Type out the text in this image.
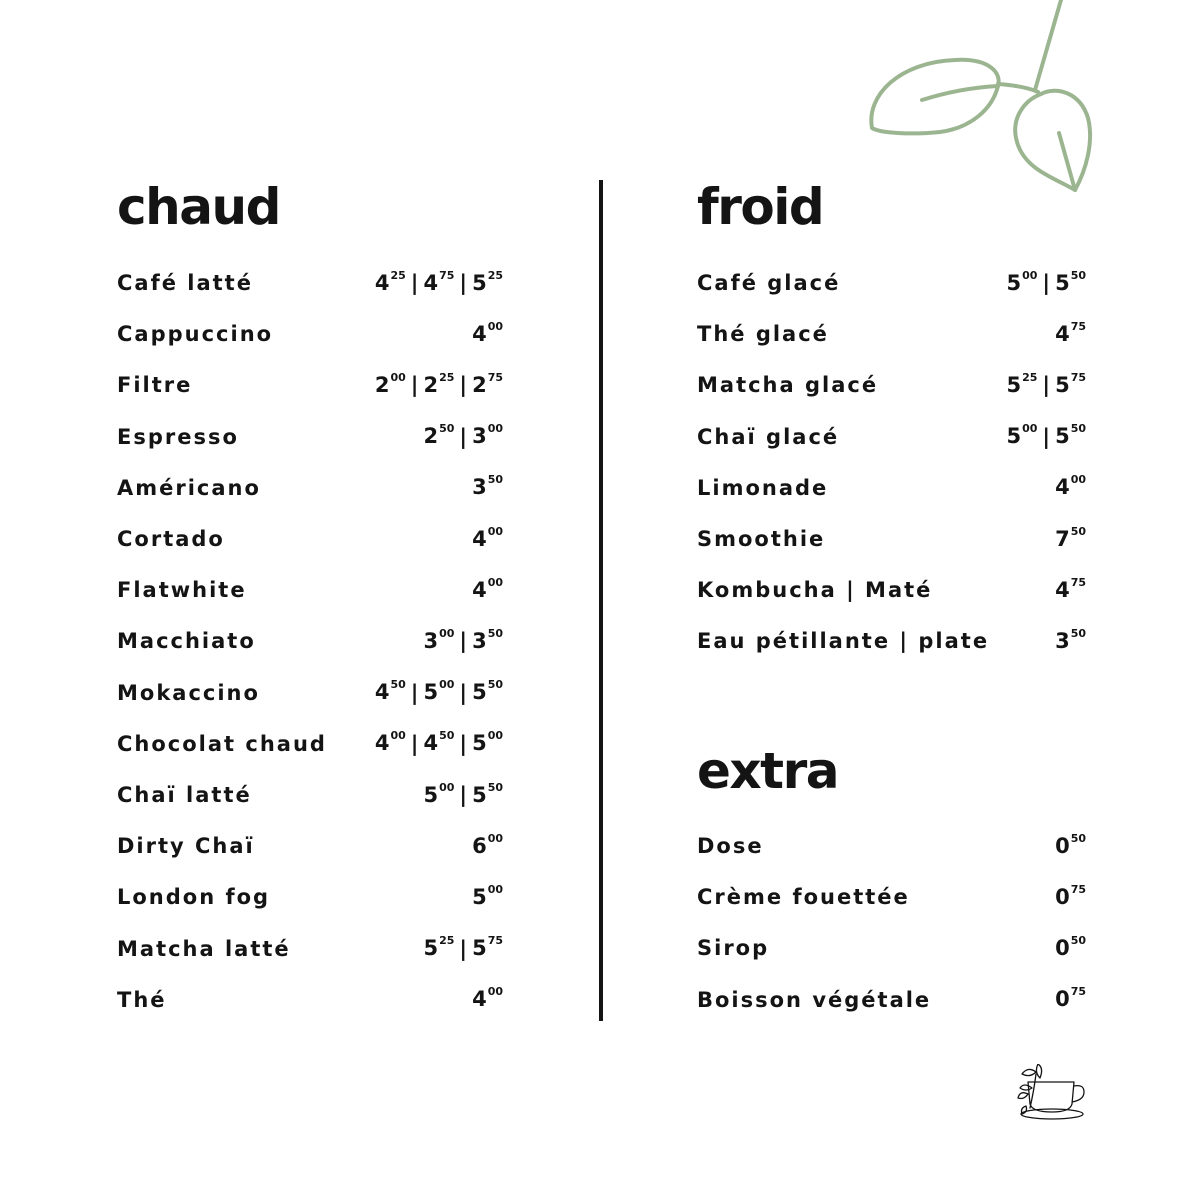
chaud	froid
extra
Café latté	4 25 | 4 75 | 5 25
Cappuccino	4 00
Filtre	2 00 | 2 25 | 2 75
Espresso	2 50 | 3 00
Américano	3 50
Cortado	4 00
Flatwhite	4 00
Macchiato	3 00 | 3 50
Mokaccino	4 50 | 5 00 | 5 50
Chocolat chaud 4 00 | 4 50 | 5 00
Chaï latté	5 00 | 5 50
Dirty Chaï	6 00
London fog	5 00
Matcha latté	5 25 | 5 75
Thé	4 00
Café glacé	5 00 | 5 50
Thé glacé	4 75
Matcha glacé	5 25 | 5 75
Chaï glacé	5 00 | 5 50
Limonade	4 00
Smoothie	7 50
Kombucha | Maté	4 75
Eau pétillante | plate	3 50
Dose	0 50
Crème fouettée	0 75
Sirop	0 50
Boisson végétale	0 75
